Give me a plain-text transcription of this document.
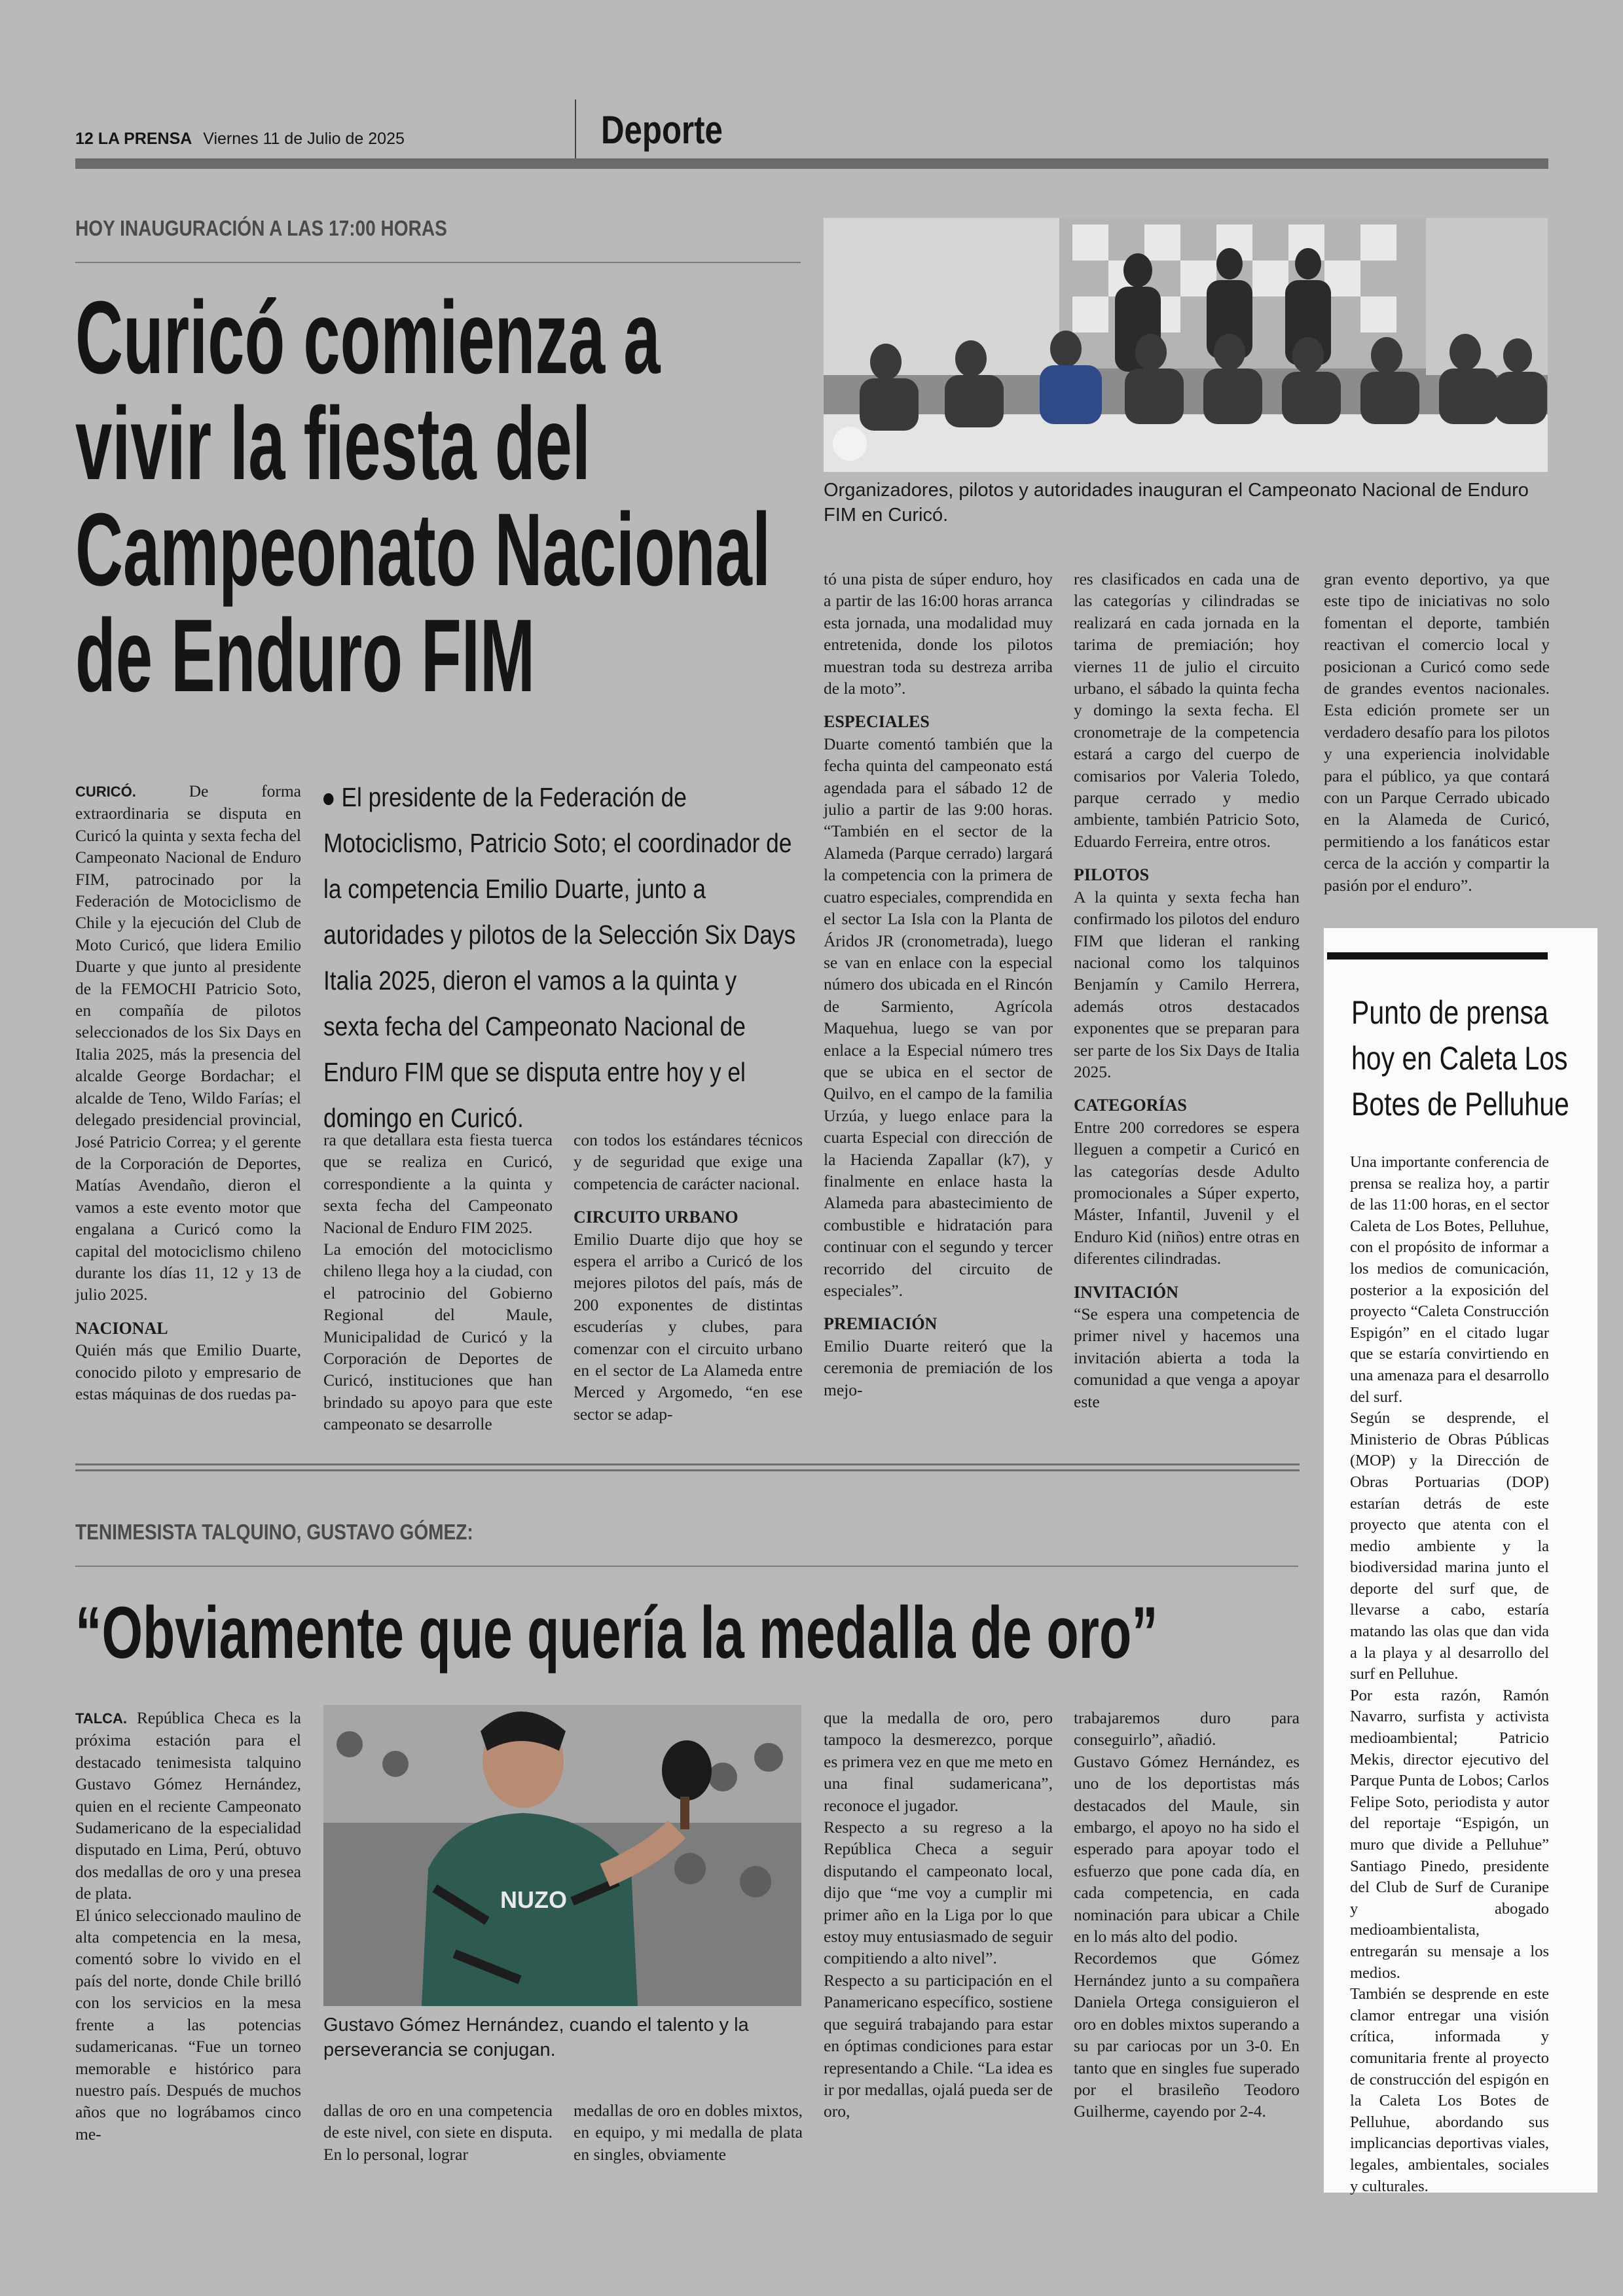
12 LA PRENSA Viernes 11 de Julio de 2025	Deporte
HOY INAUGURACIÓN A LAS 17:00 HORAS
Curicó comienza a
vivir la fiesta del
Campeonato Nacional
de Enduro FIM
Organizadores, pilotos y autoridades inauguran el Campeonato Nacional de Enduro FIM en Curicó.
El presidente de la Federación de Motociclismo, Patricio Soto; el coordinador de la competencia Emilio Duarte, junto a autoridades y pilotos de la Selección Six Days Italia 2025, dieron el vamos a la quinta y sexta fecha del Campeonato Nacional de Enduro FIM que se disputa entre hoy y el domingo en Curicó.

CURICÓ. De forma extraordinaria se disputa en Curicó la quinta y sexta fecha del Campeonato Nacional de Enduro FIM, patrocinado por la Federación de Motociclismo de Chile y la ejecución del Club de Moto Curicó, que lidera Emilio Duarte y que junto al presidente de la FEMOCHI Patricio Soto, en compañía de pilotos seleccionados de los Six Days en Italia 2025, más la presencia del alcalde George Bordachar; el alcalde de Teno, Wildo Farías; el delegado presidencial provincial, José Patricio Correa; y el gerente de la Corporación de Deportes, Matías Avendaño, dieron el vamos a este evento motor que engalana a Curicó como la capital del motociclismo chileno durante los días 11, 12 y 13 de julio 2025.

NACIONAL

Quién más que Emilio Duarte, conocido piloto y empresario de estas máquinas de dos ruedas pa-

ra que detallara esta fiesta tuerca que se realiza en Curicó, correspondiente a la quinta y sexta fecha del Campeonato Nacional de Enduro FIM 2025.

La emoción del motociclismo chileno llega hoy a la ciudad, con el patrocinio del Gobierno Regional del Maule, Municipalidad de Curicó y la Corporación de Deportes de Curicó, instituciones que han brindado su apoyo para que este campeonato se desarrolle

con todos los estándares técnicos y de seguridad que exige una competencia de carácter nacional.

CIRCUITO URBANO

Emilio Duarte dijo que hoy se espera el arribo a Curicó de los mejores pilotos del país, más de 200 exponentes de distintas escuderías y clubes, para comenzar con el circuito urbano en el sector de La Alameda entre Merced y Argomedo, “en ese sector se adap-

tó una pista de súper enduro, hoy a partir de las 16:00 horas arranca esta jornada, una modalidad muy entretenida, donde los pilotos muestran toda su destreza arriba de la moto”.

ESPECIALES

Duarte comentó también que la fecha quinta del campeonato está agendada para el sábado 12 de julio a partir de las 9:00 horas. “También en el sector de la Alameda (Parque cerrado) largará la competencia con la primera de cuatro especiales, comprendida en el sector La Isla con la Planta de Áridos JR (cronometrada), luego se van en enlace con la especial número dos ubicada en el Rincón de Sarmiento, Agrícola Maquehua, luego se van por enlace a la Especial número tres que se ubica en el sector de Quilvo, en el campo de la familia Urzúa, y luego enlace para la cuarta Especial con dirección de la Hacienda Zapallar (k7), y finalmente en enlace hasta la Alameda para abastecimiento de combustible e hidratación para continuar con el segundo y tercer recorrido del circuito de especiales”.

PREMIACIÓN

Emilio Duarte reiteró que la ceremonia de premiación de los mejo-

res clasificados en cada una de las categorías y cilindradas se realizará en cada jornada en la tarima de premiación; hoy viernes 11 de julio el circuito urbano, el sábado la quinta fecha y domingo la sexta fecha. El cronometraje de la competencia estará a cargo del cuerpo de comisarios por Valeria Toledo, parque cerrado y medio ambiente, también Patricio Soto, Eduardo Ferreira, entre otros.

PILOTOS

A la quinta y sexta fecha han confirmado los pilotos del enduro FIM que lideran el ranking nacional como los talquinos Benjamín y Camilo Herrera, además otros destacados exponentes que se preparan para ser parte de los Six Days de Italia 2025.

CATEGORÍAS

Entre 200 corredores se espera lleguen a competir a Curicó en las categorías desde Adulto promocionales a Súper experto, Máster, Infantil, Juvenil y el Enduro Kid (niños) entre otras en diferentes cilindradas.

INVITACIÓN

“Se espera una competencia de primer nivel y hacemos una invitación abierta a toda la comunidad a que venga a apoyar este

gran evento deportivo, ya que este tipo de iniciativas no solo fomentan el deporte, también reactivan el comercio local y posicionan a Curicó como sede de grandes eventos nacionales. Esta edición promete ser un verdadero desafío para los pilotos y una experiencia inolvidable para el público, ya que contará con un Parque Cerrado ubicado en la Alameda de Curicó, permitiendo a los fanáticos estar cerca de la acción y compartir la pasión por el enduro”.

Punto de prensa hoy en Caleta Los Botes de Pelluhue

Una importante conferencia de prensa se realiza hoy, a partir de las 11:00 horas, en el sector Caleta de Los Botes, Pelluhue, con el propósito de informar a los medios de comunicación, posterior a la exposición del proyecto “Caleta Construcción Espigón” en el citado lugar que se estaría convirtiendo en una amenaza para el desarrollo del surf.

Según se desprende, el Ministerio de Obras Públicas (MOP) y la Dirección de Obras Portuarias (DOP) estarían detrás de este proyecto que atenta con el medio ambiente y la biodiversidad marina junto el deporte del surf que, de llevarse a cabo, estaría matando las olas que dan vida a la playa y al desarrollo del surf en Pelluhue.

Por esta razón, Ramón Navarro, surfista y activista medioambiental; Patricio Mekis, director ejecutivo del Parque Punta de Lobos; Carlos Felipe Soto, periodista y autor del reportaje “Espigón, un muro que divide a Pelluhue” Santiago Pinedo, presidente del Club de Surf de Curanipe y abogado medioambientalista, entregarán su mensaje a los medios.

También se desprende en este clamor entregar una visión crítica, informada y comunitaria frente al proyecto de construcción del espigón en la Caleta Los Botes de Pelluhue, abordando sus implicancias deportivas viales, legales, ambientales, sociales y culturales.

TENIMESISTA TALQUINO, GUSTAVO GÓMEZ:
“Obviamente que quería la medalla de oro”
NUZO
Gustavo Gómez Hernández, cuando el talento y la perseverancia se conjugan.

TALCA. República Checa es la próxima estación para el destacado tenimesista talquino Gustavo Gómez Hernández, quien en el reciente Campeonato Sudamericano de la especialidad disputado en Lima, Perú, obtuvo dos medallas de oro y una presea de plata.

El único seleccionado maulino de alta competencia en la mesa, comentó sobre lo vivido en el país del norte, donde Chile brilló con los servicios en la mesa frente a las potencias sudamericanas. “Fue un torneo memorable e histórico para nuestro país. Después de muchos años que no lográbamos cinco me-

dallas de oro en una competencia de este nivel, con siete en disputa. En lo personal, lograr

medallas de oro en dobles mixtos, en equipo, y mi medalla de plata en singles, obviamente

que la medalla de oro, pero tampoco la desmerezco, porque es primera vez en que me meto en una final sudamericana”, reconoce el jugador.

Respecto a su regreso a la República Checa a seguir disputando el campeonato local, dijo que “me voy a cumplir mi primer año en la Liga por lo que estoy muy entusiasmado de seguir compitiendo a alto nivel”.

Respecto a su participación en el Panamericano específico, sostiene que seguirá trabajando para estar en óptimas condiciones para estar representando a Chile. “La idea es ir por medallas, ojalá pueda ser de oro,

trabajaremos duro para conseguirlo”, añadió.

Gustavo Gómez Hernández, es uno de los deportistas más destacados del Maule, sin embargo, el apoyo no ha sido el esperado para apoyar todo el esfuerzo que pone cada día, en cada competencia, en cada nominación para ubicar a Chile en lo más alto del podio.

Recordemos que Gómez Hernández junto a su compañera Daniela Ortega consiguieron el oro en dobles mixtos superando a su par cariocas por un 3-0. En tanto que en singles fue superado por el brasileño Teodoro Guilherme, cayendo por 2-4.
